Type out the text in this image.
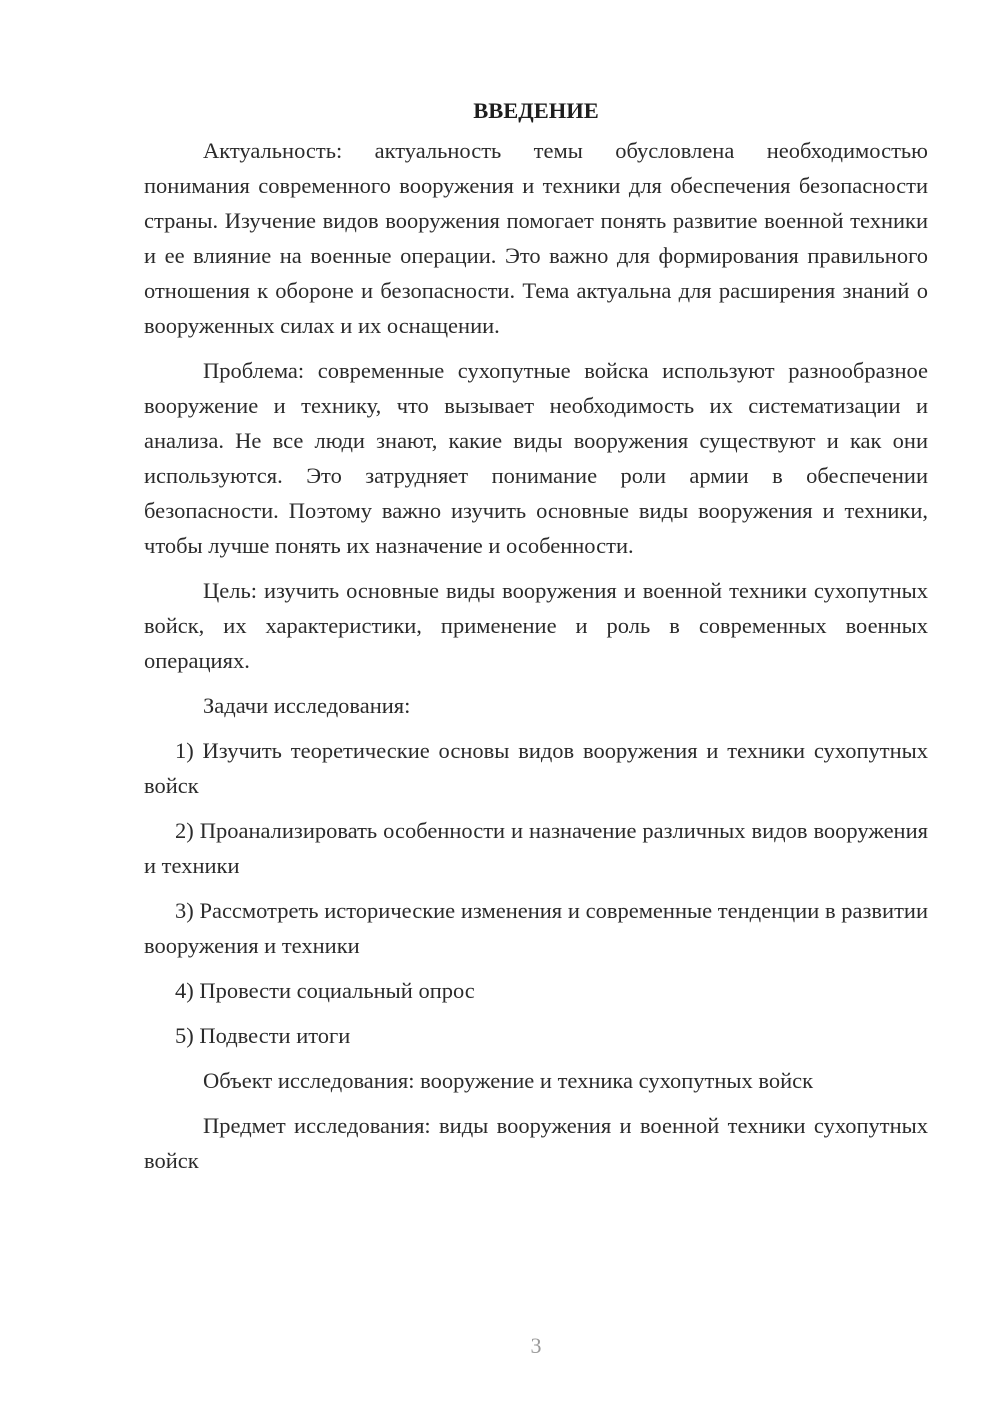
ВВЕДЕНИЕ

Актуальность: актуальность темы обусловлена необходимостью понимания современного вооружения и техники для обеспечения безопасности страны. Изучение видов вооружения помогает понять развитие военной техники и ее влияние на военные операции. Это важно для формирования правильного отношения к обороне и безопасности. Тема актуальна для расширения знаний о вооруженных силах и их оснащении.

Проблема: современные сухопутные войска используют разнообразное вооружение и технику, что вызывает необходимость их систематизации и анализа. Не все люди знают, какие виды вооружения существуют и как они используются. Это затрудняет понимание роли армии в обеспечении безопасности. Поэтому важно изучить основные виды вооружения и техники, чтобы лучше понять их назначение и особенности.

Цель: изучить основные виды вооружения и военной техники сухопутных войск, их характеристики, применение и роль в современных военных операциях.

Задачи исследования:

1) Изучить теоретические основы видов вооружения и техники сухопутных войск

2) Проанализировать особенности и назначение различных видов вооружения и техники

3) Рассмотреть исторические изменения и современные тенденции в развитии вооружения и техники

4) Провести социальный опрос

5) Подвести итоги

Объект исследования: вооружение и техника сухопутных войск

Предмет исследования: виды вооружения и военной техники сухопутных войск

3
